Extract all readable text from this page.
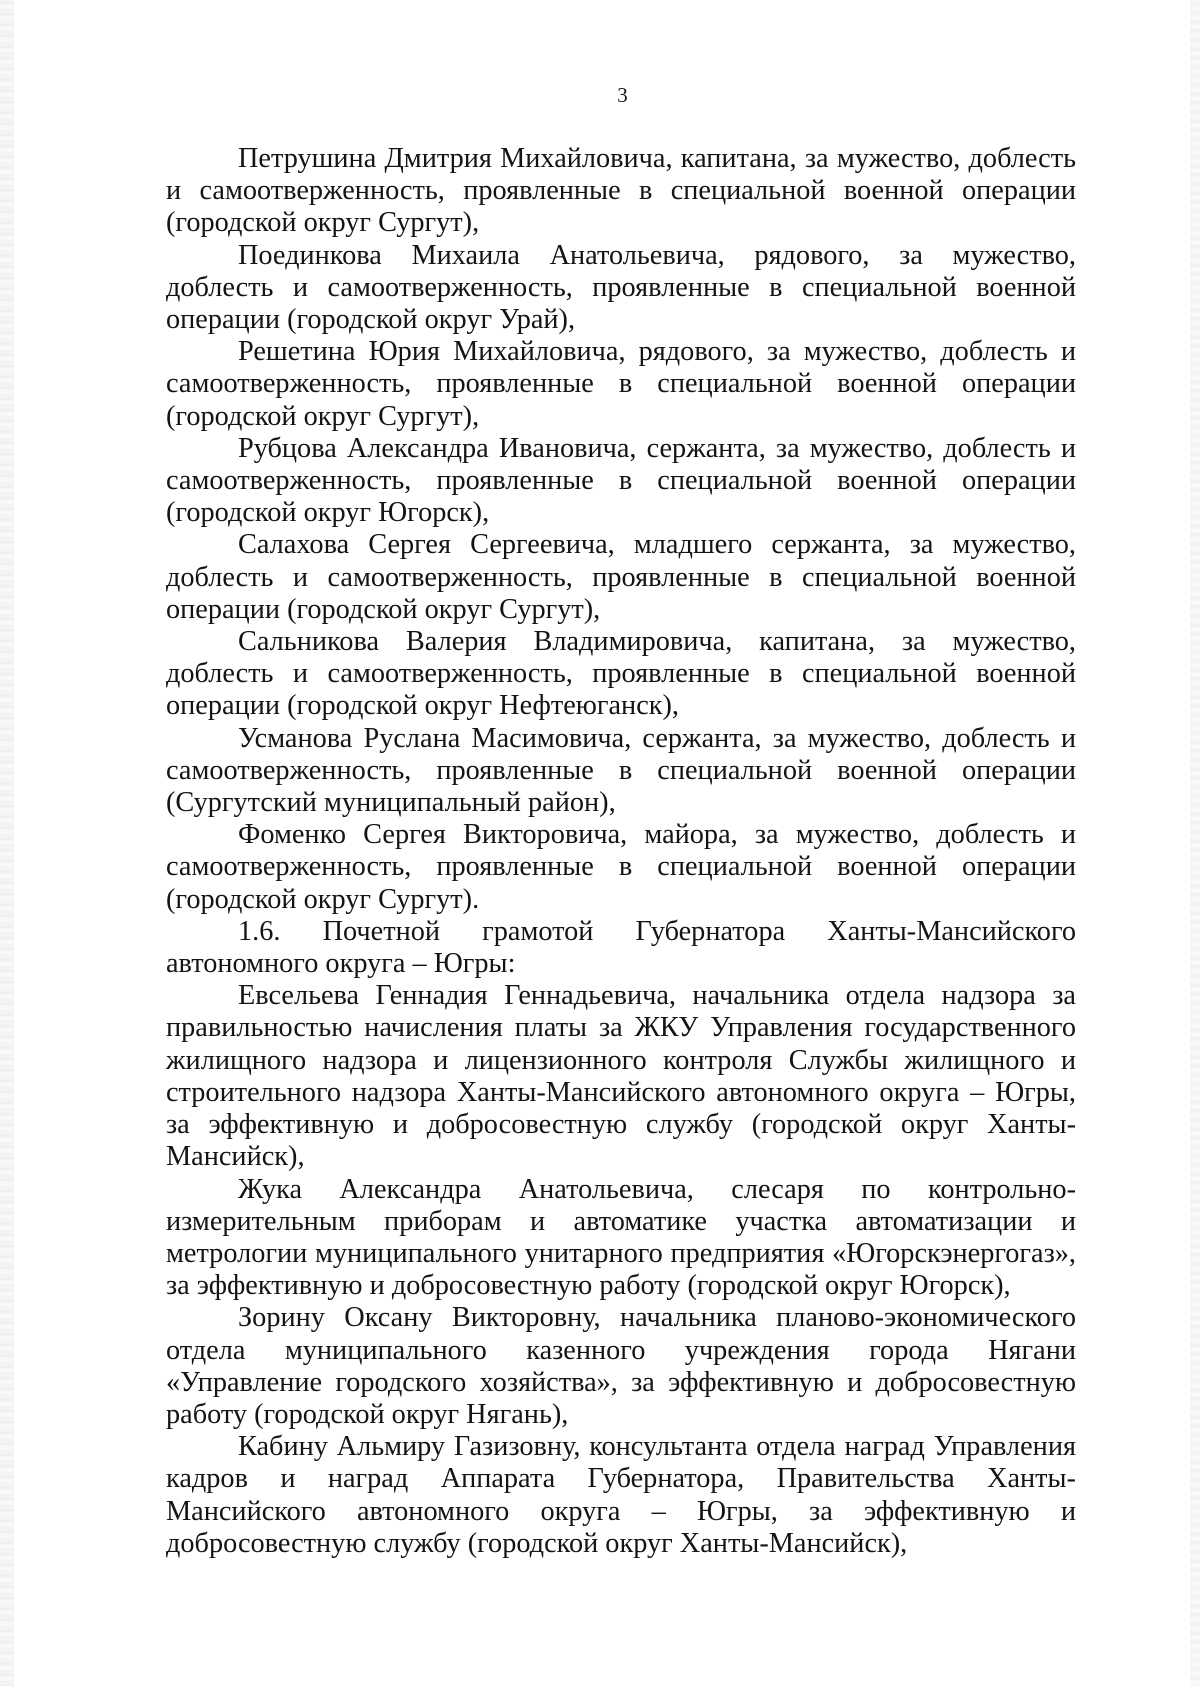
3

Петрушина Дмитрия Михайловича, капитана, за мужество, доблесть и самоотверженность, проявленные в специальной военной операции (городской округ Сургут),

Поединкова Михаила Анатольевича, рядового, за мужество, доблесть и самоотверженность, проявленные в специальной военной операции (городской округ Урай),

Решетина Юрия Михайловича, рядового, за мужество, доблесть и самоотверженность, проявленные в специальной военной операции (городской округ Сургут),

Рубцова Александра Ивановича, сержанта, за мужество, доблесть и самоотверженность, проявленные в специальной военной операции (городской округ Югорск),

Салахова Сергея Сергеевича, младшего сержанта, за мужество, доблесть и самоотверженность, проявленные в специальной военной операции (городской округ Сургут),

Сальникова Валерия Владимировича, капитана, за мужество, доблесть и самоотверженность, проявленные в специальной военной операции (городской округ Нефтеюганск),

Усманова Руслана Масимовича, сержанта, за мужество, доблесть и самоотверженность, проявленные в специальной военной операции (Сургутский муниципальный район),

Фоменко Сергея Викторовича, майора, за мужество, доблесть и самоотверженность, проявленные в специальной военной операции (городской округ Сургут).

1.6. Почетной грамотой Губернатора Ханты-Мансийского автономного округа – Югры:

Евсельева Геннадия Геннадьевича, начальника отдела надзора за правильностью начисления платы за ЖКУ Управления государственного жилищного надзора и лицензионного контроля Службы жилищного и строительного надзора Ханты-Мансийского автономного округа – Югры, за эффективную и добросовестную службу (городской округ Ханты-Мансийск),

Жука Александра Анатольевича, слесаря по контрольно-измерительным приборам и автоматике участка автоматизации и метрологии муниципального унитарного предприятия «Югорскэнергогаз», за эффективную и добросовестную работу (городской округ Югорск),

Зорину Оксану Викторовну, начальника планово-экономического отдела муниципального казенного учреждения города Нягани «Управление городского хозяйства», за эффективную и добросовестную работу (городской округ Нягань),

Кабину Альмиру Газизовну, консультанта отдела наград Управления кадров и наград Аппарата Губернатора, Правительства Ханты-Мансийского автономного округа – Югры, за эффективную и добросовестную службу (городской округ Ханты-Мансийск),
